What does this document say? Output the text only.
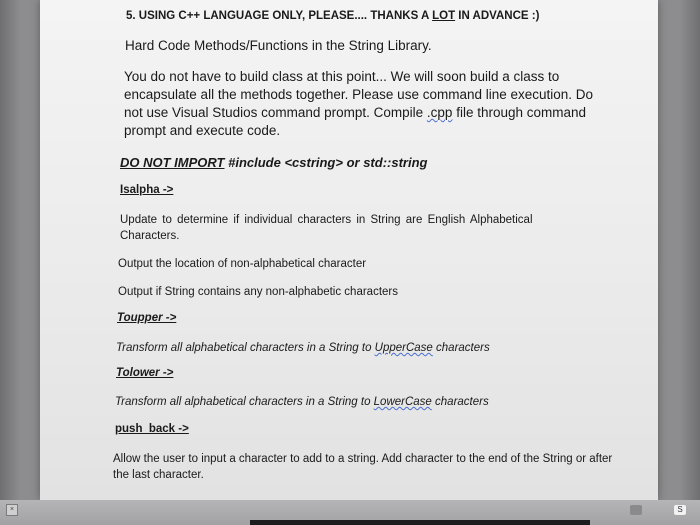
5. USING C++ LANGUAGE ONLY, PLEASE.... THANKS A LOT IN ADVANCE :)
Hard Code Methods/Functions in the String Library.
You do not have to build class at this point... We will soon build a class to encapsulate all the methods together. Please use command line execution. Do not use Visual Studios command prompt. Compile .cpp file through command prompt and execute code.
DO NOT IMPORT #include <cstring> or std::string
Isalpha ->
Update to determine if individual characters in String are English Alphabetical Characters.
Output the location of non-alphabetical character
Output if String contains any non-alphabetic characters
Toupper ->
Transform all alphabetical characters in a String to UpperCase characters
Tolower ->
Transform all alphabetical characters in a String to LowerCase characters
push_back ->
Allow the user to input a character to add to a string. Add character to the end of the String or after the last character.
×	S
